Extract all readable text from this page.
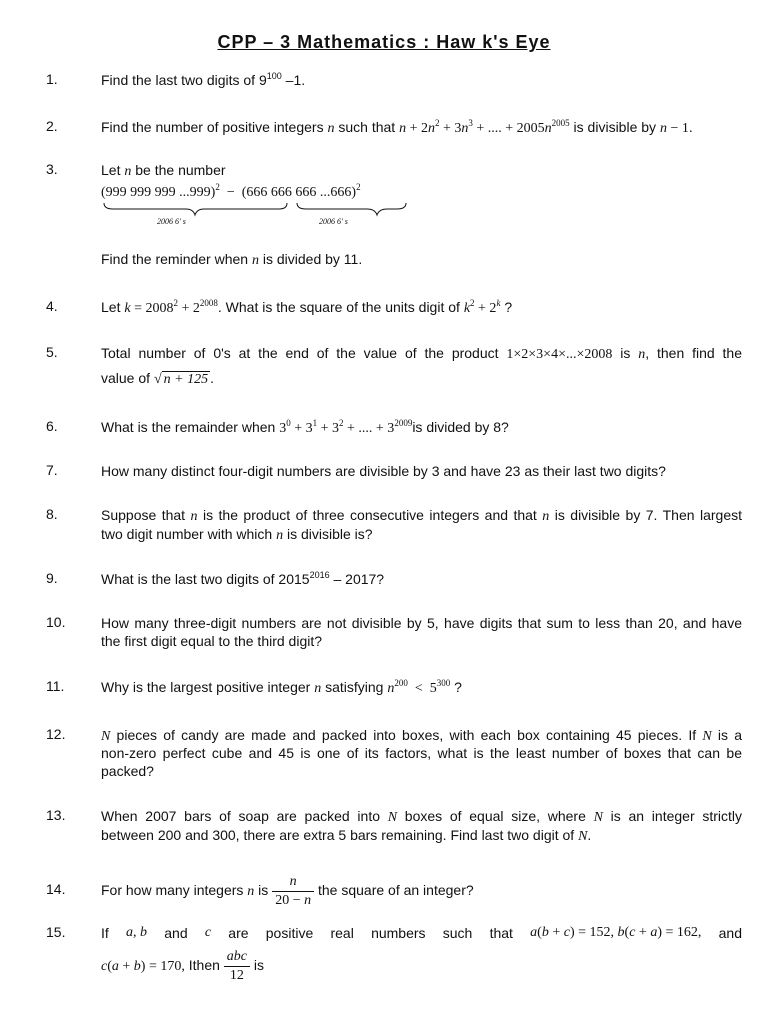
CPP – 3 Mathematics : Haw k's Eye
1.	Find the last two digits of $9^{100}$ –1.
2.	Find the number of positive integers n such that $n + 2n^2 + 3n^3$ + .... + $2005n^{2005}$ is divisible by n − 1.
3.	Let n be the number
(999 999 999 ...999)$^2$  −  (666 666 666 ...666)$^2$
2006 6' s	2006 6' s
Find the reminder when n is divided by 11.
4.	Let $k = 2008^2 + 2^{2008}$. What is the square of the units digit of $k^2 + 2^k$ ?
5.	Total number of 0's at the end of the value of the product 1×2×3×4×...×2008 is n, then find the
value of √ n + 125 .
6.	What is the remainder when $3^0 + 3^1 + 3^2$ + .... + $3^{2009}is$ divided by 8?
7.	How many distinct four-digit numbers are divisible by 3 and have 23 as their last two digits?
8.	Suppose that n is the product of three consecutive integers and that n is divisible by 7. Then largest
two digit number with which n is divisible is?
9.	What is the last two digits of $2015^{2016} - 2017$?
10.	How many three-digit numbers are not divisible by 5, have digits that sum to less than 20, and have
the first digit equal to the third digit?
11.	Why is the largest positive integer n satisfying $n^{200} < 5^{300}$ ?
12.	N pieces of candy are made and packed into boxes, with each box containing 45 pieces. If N is a
non-zero perfect cube and 45 is one of its factors, what is the least number of boxes that can be
packed?
13.	When 2007 bars of soap are packed into N boxes of equal size, where N is an integer strictly
between 200 and 300, there are extra 5 bars remaining. Find last two digit of N.
14.	For how many integers n is $\frac{n}{20 - n}$ the square of an integer?
15.	If a, b and c are positive real numbers such that a(b + c) = 152, b(c + a) = 162, and
c(a + b) = 170, Ithen $\frac{\text{abc}}{12}$ is
